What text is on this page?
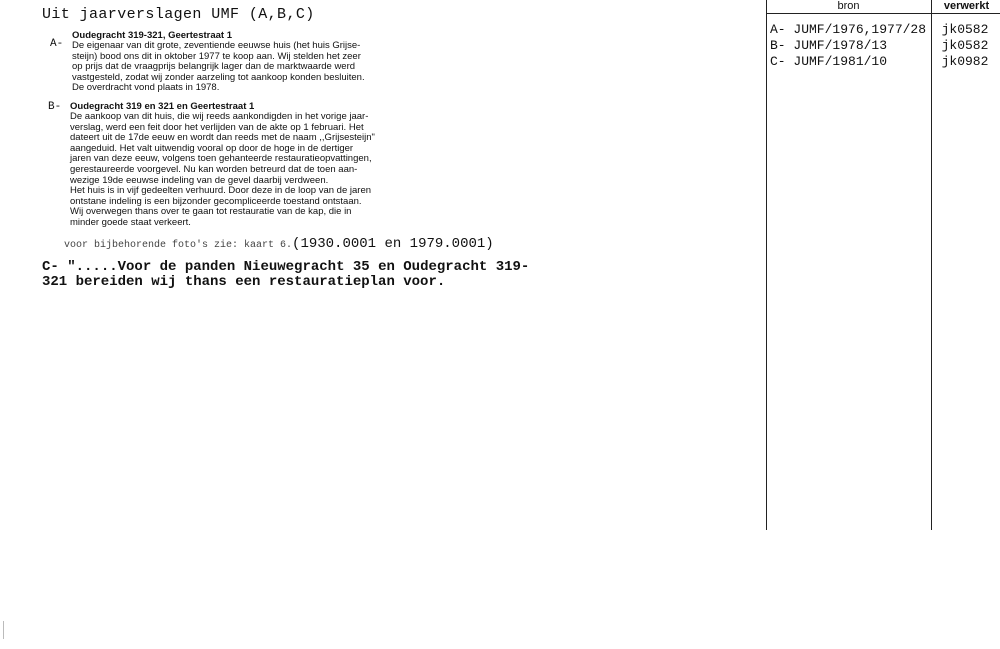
bron	verwerkt
Uit jaarverslagen UMF (A,B,C)
A-
Oudegracht 319-321, Geertestraat 1
De eigenaar van dit grote, zeventiende eeuwse huis (het huis Grijse-
steijn) bood ons dit in oktober 1977 te koop aan. Wij stelden het zeer
op prijs dat de vraagprijs belangrijk lager dan de marktwaarde werd
vastgesteld, zodat wij zonder aarzeling tot aankoop konden besluiten.
De overdracht vond plaats in 1978.
B- Oudegracht 319 en 321 en Geertestraat 1
De aankoop van dit huis, die wij reeds aankondigden in het vorige jaar-
verslag, werd een feit door het verlijden van de akte op 1 februari. Het
dateert uit de 17de eeuw en wordt dan reeds met de naam ,,Grijsesteijn"
aangeduid. Het valt uitwendig vooral op door de hoge in de dertiger
jaren van deze eeuw, volgens toen gehanteerde restauratieopvattingen,
gerestaureerde voorgevel. Nu kan worden betreurd dat de toen aan-
wezige 19de eeuwse indeling van de gevel daarbij verdween.
Het huis is in vijf gedeelten verhuurd. Door deze in de loop van de jaren
ontstane indeling is een bijzonder gecompliceerde toestand ontstaan.
Wij overwegen thans over te gaan tot restauratie van de kap, die in
minder goede staat verkeert.
voor bijbehorende foto's zie: kaart 6.(1930.0001 en 1979.0001)
C- ".....Voor de panden Nieuwegracht 35 en Oudegracht 319-
321 bereiden wij thans een restauratieplan voor.
A- JUMF/1976,1977/28
B- JUMF/1978/13
C- JUMF/1981/10
jk0582
jk0582
jk0982
